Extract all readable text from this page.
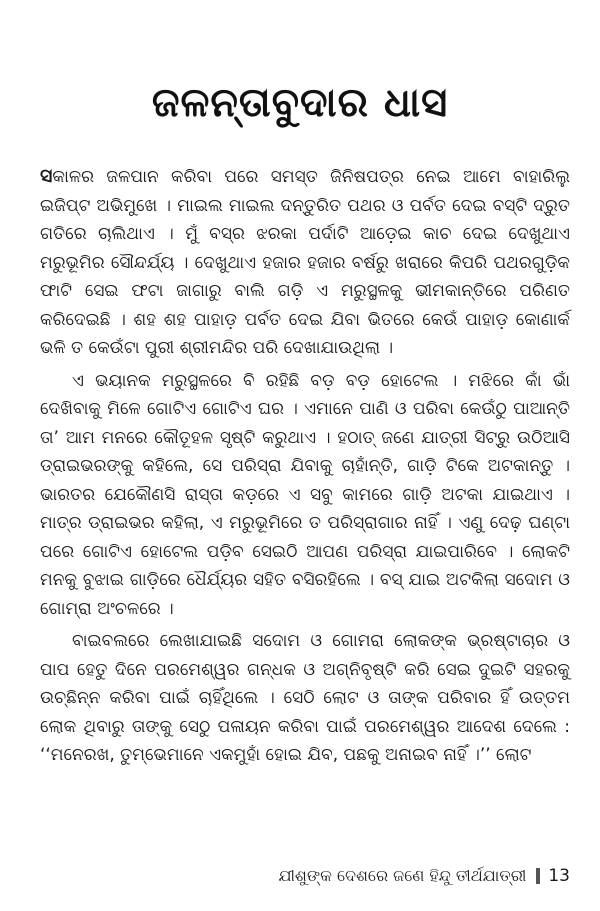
ଜଳନ୍ତାବୁଦାର ଧାସ

ସକାଳର ଜଳପାନ କରିବା ପରେ ସମସ୍ତ ଜିନିଷପତ୍ର ନେଇ ଆମେ ବାହାରିଲୁ ଇଜିପ୍ଟ ଅଭିମୁଖେ । ମାଇଲ ମାଇଲ ଦନ୍ତୁରିତ ପଥର ଓ ପର୍ବତ ଦେଇ ବସ୍‌ଟି ଦ୍ରୁତ ଗତିରେ ଚାଲିଥାଏ । ମୁଁ ବସ୍‌ର ଝରକା ପର୍ଦାଟି ଆଡ଼େଇ କାଚ ଦେଇ ଦେଖୁଥାଏ ମରୁଭୂମିର ସୌନ୍ଦର୍ଯ୍ୟ । ଦେଖୁଥାଏ ହଜାର ହଜାର ବର୍ଷରୁ ଖରାରେ କିପରି ପଥରଗୁଡ଼ିକ ଫାଟି ସେଇ ଫଟା ଜାଗାରୁ ବାଲି ଗଡ଼ି ଏ ମରୁସ୍ଥଳକୁ ଭୀମକାନ୍ତିରେ ପରିଣତ କରିଦେଇଛି । ଶହ ଶହ ପାହାଡ଼ ପର୍ବତ ଦେଇ ଯିବା ଭିତରେ କେଉଁ ପାହାଡ଼ କୋଣାର୍କ ଭଳି ତ କେଉଁଟା ପୁରୀ ଶ୍ରୀମନ୍ଦିର ପରି ଦେଖାଯାଉଥିଲା ।

ଏ ଭୟାନକ ମରୁସ୍ଥଳରେ ବି ରହିଛି ବଡ଼ ବଡ଼ ହୋଟେଲ । ମଝିରେ କାଁ ଭାଁ ଦେଖିବାକୁ ମିଳେ ଗୋଟିଏ ଗୋଟିଏ ଘର । ଏମାନେ ପାଣି ଓ ପରିବା କେଉଁଠୁ ପାଆନ୍ତି ତା’ ଆମ ମନରେ କୌତୂହଳ ସୃଷ୍ଟି କରୁଥାଏ । ହଠାତ୍ ଜଣେ ଯାତ୍ରୀ ସିଟ୍‌ରୁ ଉଠିଆସି ଡ୍ରାଇଭରଙ୍କୁ କହିଲେ, ସେ ପରିସ୍ରା ଯିବାକୁ ଚାହାଁନ୍ତି, ଗାଡ଼ି ଟିକେ ଅଟକାନ୍ତୁ । ଭାରତର ଯେକୌଣସି ରାସ୍ତା କଡ଼ରେ ଏ ସବୁ କାମରେ ଗାଡ଼ି ଅଟକା ଯାଇଥାଏ । ମାତ୍ର ଡ୍ରାଇଭର କହିଲା, ଏ ମରୁଭୂମିରେ ତ ପରିସ୍ରାଗାର ନାହିଁ । ଏଣୁ ଦେଢ଼ ଘଣ୍ଟା ପରେ ଗୋଟିଏ ହୋଟେଲ ପଡ଼ିବ ସେଇଠି ଆପଣ ପରିସ୍ରା ଯାଇପାରିବେ । ଲୋକଟି ମନକୁ ବୁଝାଇ ଗାଡ଼ିରେ ଧୈର୍ଯ୍ୟର ସହିତ ବସିରହିଲେ । ବସ୍ ଯାଇ ଅଟକିଲା ସଦୋମ ଓ ଗୋମ୍‌ରା ଅଂଚଳରେ ।

ବାଇବଲରେ ଲେଖାଯାଇଛି ସଦୋମ ଓ ଗୋମରା ଲୋକଙ୍କ ଭ୍ରଷ୍ଟାଚାର ଓ ପାପ ହେତୁ ଦିନେ ପରମେଶ୍ୱର ଗନ୍ଧକ ଓ ଅଗ୍ନିବୃଷ୍ଟି କରି ସେଇ ଦୁଇଟି ସହରକୁ ଉଚ୍ଛିନ୍ନ କରିବା ପାଇଁ ଚାହିଁଥିଲେ । ସେଠି ଲୋଟ ଓ ତାଙ୍କ ପରିବାର ହିଁ ଉତ୍ତମ ଲୋକ ଥିବାରୁ ତାଙ୍କୁ ସେଠୁ ପଳାୟନ କରିବା ପାଇଁ ପରମେଶ୍ୱର ଆଦେଶ ଦେଲେ : ‘‘ମନେରଖ, ତୁମ୍ଭେମାନେ ଏକମୁହାଁ ହୋଇ ଯିବ, ପଛକୁ ଅନାଇବ ନାହିଁ ।’’ ଲୋଟ

ଯୀଶୁଙ୍କ ଦେଶରେ ଜଣେ ହିନ୍ଦୁ ତୀର୍ଥଯାତ୍ରୀ 13
